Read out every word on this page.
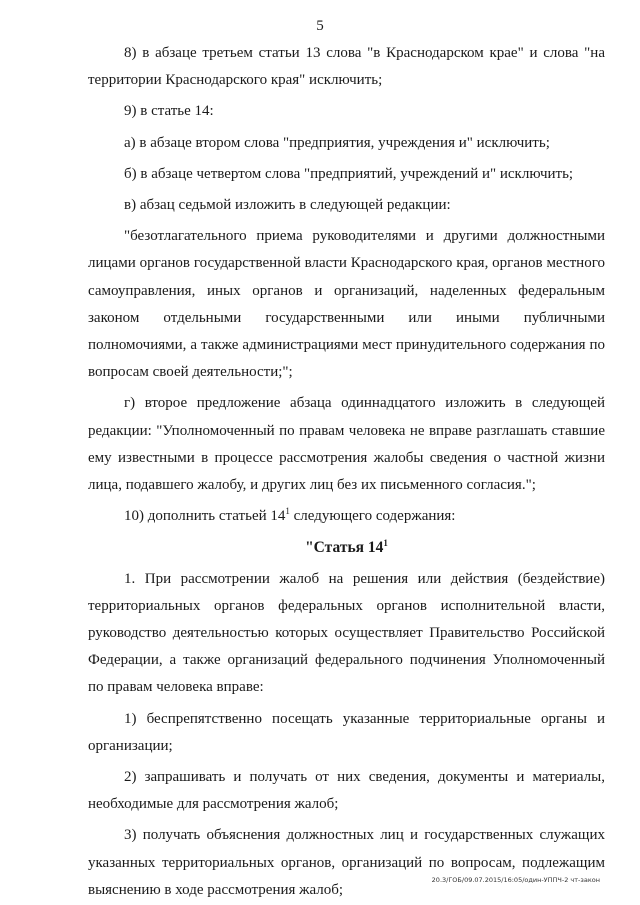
5

8) в абзаце третьем статьи 13 слова "в Краснодарском крае" и слова "на территории Краснодарского края" исключить;

9) в статье 14:

а) в абзаце втором слова "предприятия, учреждения и" исключить;

б) в абзаце четвертом слова "предприятий, учреждений и" исключить;

в) абзац седьмой изложить в следующей редакции:

"безотлагательного приема руководителями и другими должностными лицами органов государственной власти Краснодарского края, органов местного самоуправления, иных органов и организаций, наделенных федеральным законом отдельными государственными или иными публичными полномочиями, а также администрациями мест принудительного содержания по вопросам своей деятельности;";

г) второе предложение абзаца одиннадцатого изложить в следующей редакции: "Уполномоченный по правам человека не вправе разглашать ставшие ему известными в процессе рассмотрения жалобы сведения о частной жизни лица, подавшего жалобу, и других лиц без их письменного согласия.";

10) дополнить статьей $14^1$ следующего содержания:

"Статья $14^1$

1. При рассмотрении жалоб на решения или действия (бездействие) территориальных органов федеральных органов исполнительной власти, руководство деятельностью которых осуществляет Правительство Российской Федерации, а также организаций федерального подчинения Уполномоченный по правам человека вправе:

1) беспрепятственно посещать указанные территориальные органы и организации;

2) запрашивать и получать от них сведения, документы и материалы, необходимые для рассмотрения жалоб;

3) получать объяснения должностных лиц и государственных служащих указанных территориальных органов, организаций по вопросам, подлежащим выяснению в ходе рассмотрения жалоб;

20.3/ГОБ/09.07.2015/16:05/один-УППЧ-2 чт-закон
